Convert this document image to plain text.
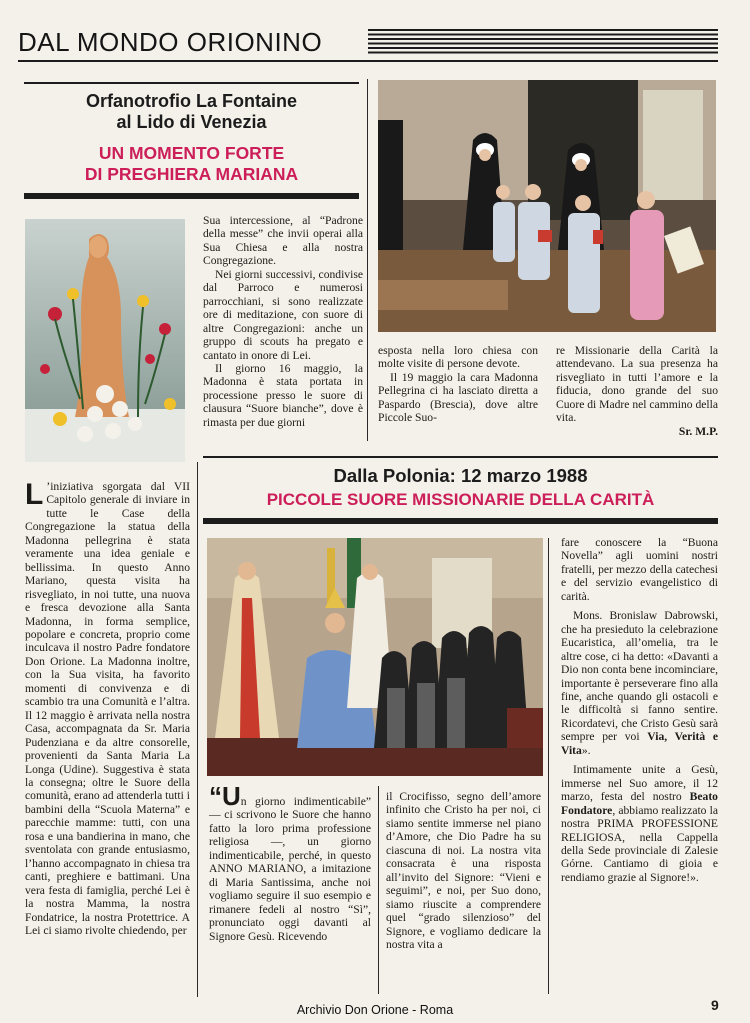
DAL MONDO ORIONINO
Orfanotrofio La Fontaine
al Lido di Venezia
UN MOMENTO FORTE
DI PREGHIERA MARIANA
L ’iniziativa sgorgata dal VII Capitolo generale di inviare in tutte le Case della Congregazione la statua della Madonna pellegrina è stata veramente una idea geniale e bellissima. In questo Anno Mariano, questa visita ha risvegliato, in noi tutte, una nuova e fresca devozione alla Santa Madonna, in forma semplice, popolare e concreta, proprio come inculcava il nostro Padre fondatore Don Orione. La Madonna inoltre, con la Sua visita, ha favorito momenti di convivenza e di scambio tra una Comunità e l’altra. Il 12 maggio è arrivata nella nostra Casa, accompagnata da Sr. Maria Pudenziana e da altre consorelle, provenienti da Santa Maria La Longa (Udine). Suggestiva è stata la consegna; oltre le Suore della comunità, erano ad attenderla tutti i bambini della “Scuola Materna” e parecchie mamme: tutti, con una rosa e una bandierina in mano, che sventolata con grande entusiasmo, l’hanno accompagnato in chiesa tra canti, preghiere e battimani. Una vera festa di famiglia, perché Lei è la nostra Mamma, la nostra Fondatrice, la nostra Protettrice. A Lei ci siamo rivolte chiedendo, per

Sua intercessione, al “Padrone della messe” che invii operai alla Sua Chiesa e alla nostra Congregazione.

Nei giorni successivi, condivise dal Parroco e numerosi parrocchiani, si sono realizzate ore di meditazione, con suore di altre Congregazioni: anche un gruppo di scouts ha pregato e cantato in onore di Lei.

Il giorno 16 maggio, la Madonna è stata portata in processione presso le suore di clausura “Suore bianche”, dove è rimasta per due giorni

esposta nella loro chiesa con molte visite di persone devote.

Il 19 maggio la cara Madonna Pellegrina ci ha lasciato diretta a Paspardo (Brescia), dove altre Piccole Suo-

re Missionarie della Carità la attendevano. La sua presenza ha risvegliato in tutti l’amore e la fiducia, dono grande del suo Cuore di Madre nel cammino della vita.

Sr. M.P.

Dalla Polonia: 12 marzo 1988
PICCOLE SUORE MISSIONARIE DELLA CARITÀ
“Un giorno indimenticabile” — ci scrivono le Suore che hanno fatto la loro prima professione religiosa —, un giorno indimenticabile, perché, in questo ANNO MARIANO, a imitazione di Maria Santissima, anche noi vogliamo seguire il suo esempio e rimanere fedeli al nostro “Sì”, pronunciato oggi davanti al Signore Gesù. Ricevendo
il Crocifisso, segno dell’amore infinito che Cristo ha per noi, ci siamo sentite immerse nel piano d’Amore, che Dio Padre ha su ciascuna di noi. La nostra vita consacrata è una risposta all’invito del Signore: “Vieni e seguimi”, e noi, per Suo dono, siamo riuscite a comprendere quel “grado silenzioso” del Signore, e vogliamo dedicare la nostra vita a

fare conoscere la “Buona Novella” agli uomini nostri fratelli, per mezzo della catechesi e del servizio evangelistico di carità.

Mons. Bronislaw Dabrowski, che ha presieduto la celebrazione Eucaristica, all’omelia, tra le altre cose, ci ha detto: «Davanti a Dio non conta bene incominciare, importante è perseverare fino alla fine, anche quando gli ostacoli e le difficoltà si fanno sentire. Ricordatevi, che Cristo Gesù sarà sempre per voi Via, Verità e Vita».

Intimamente unite a Gesù, immerse nel Suo amore, il 12 marzo, festa del nostro Beato Fondatore, abbiamo realizzato la nostra PRIMA PROFESSIONE RELIGIOSA, nella Cappella della Sede provinciale di Zalesie Górne. Cantiamo di gioia e rendiamo grazie al Signore!».

Archivio Don Orione - Roma	9
